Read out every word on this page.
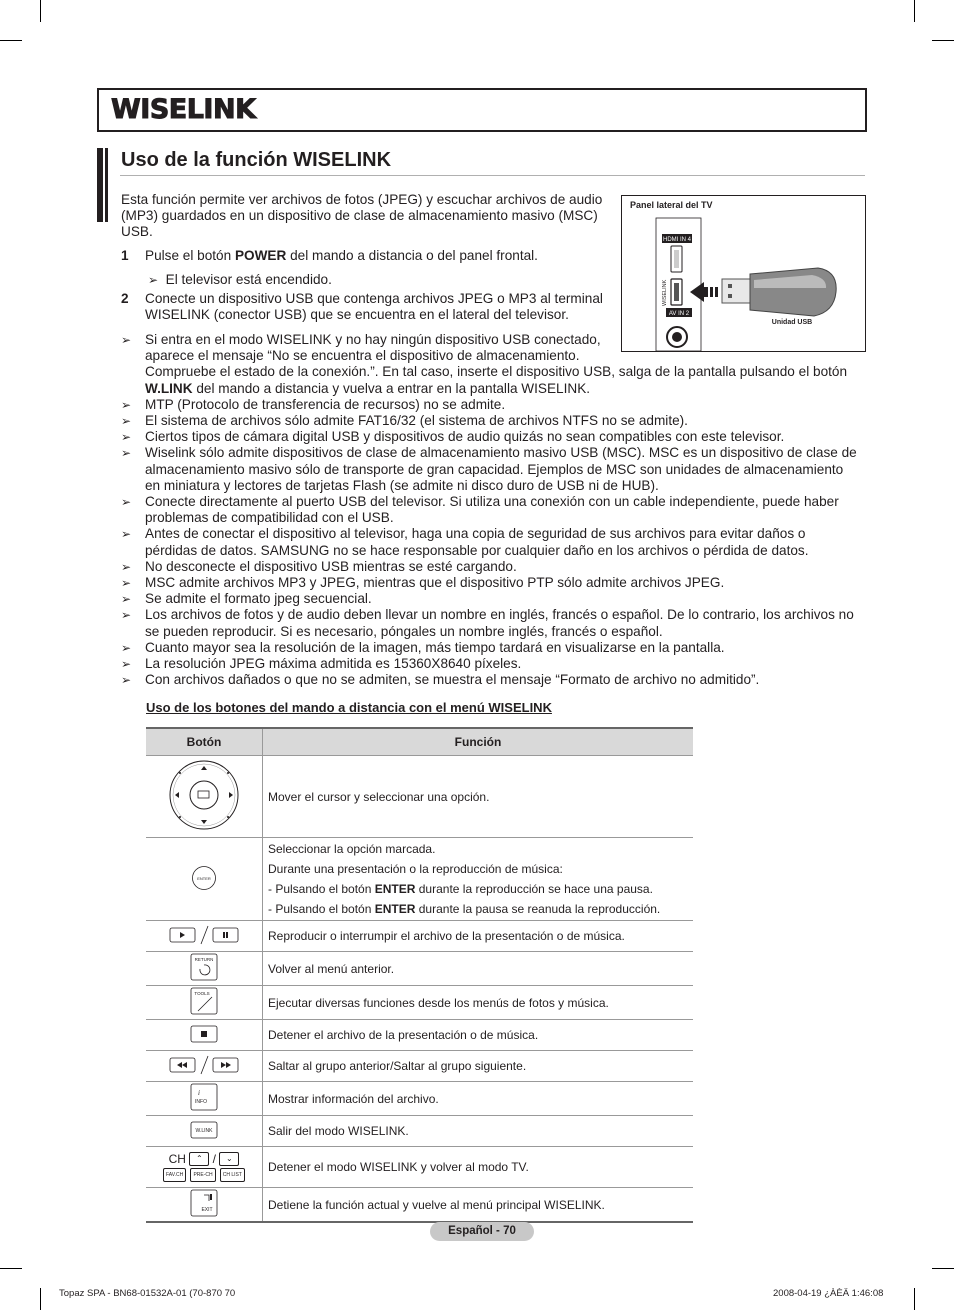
WISELINK
Uso de la función WISELINK
Esta función permite ver archivos de fotos (JPEG) y escuchar archivos de audio
(MP3) guardados en un dispositivo de clase de almacenamiento masivo (MSC)
USB.
1 Pulse el botón POWER del mando a distancia o del panel frontal.
➢ El televisor está encendido.
2 Conecte un dispositivo USB que contenga archivos JPEG o MP3 al terminal
WISELINK (conector USB) que se encuentra en el lateral del televisor.
Panel lateral del TV
HDMI IN 4
WISELINK
AV IN 2
Unidad USB
➢ Si entra en el modo WISELINK y no hay ningún dispositivo USB conectado,
aparece el mensaje “No se encuentra el dispositivo de almacenamiento.
Compruebe el estado de la conexión.”. En tal caso, inserte el dispositivo USB, salga de la pantalla pulsando el botón
W.LINK del mando a distancia y vuelva a entrar en la pantalla WISELINK.
➢ MTP (Protocolo de transferencia de recursos) no se admite.
➢ El sistema de archivos sólo admite FAT16/32 (el sistema de archivos NTFS no se admite).
➢ Ciertos tipos de cámara digital USB y dispositivos de audio quizás no sean compatibles con este televisor.
➢ Wiselink sólo admite dispositivos de clase de almacenamiento masivo USB (MSC). MSC es un dispositivo de clase de
almacenamiento masivo sólo de transporte de gran capacidad. Ejemplos de MSC son unidades de almacenamiento
en miniatura y lectores de tarjetas Flash (se admite ni disco duro de USB ni de HUB).
➢ Conecte directamente al puerto USB del televisor. Si utiliza una conexión con un cable independiente, puede haber
problemas de compatibilidad con el USB.
➢ Antes de conectar el dispositivo al televisor, haga una copia de seguridad de sus archivos para evitar daños o
pérdidas de datos. SAMSUNG no se hace responsable por cualquier daño en los archivos o pérdida de datos.
➢ No desconecte el dispositivo USB mientras se esté cargando.
➢ MSC admite archivos MP3 y JPEG, mientras que el dispositivo PTP sólo admite archivos JPEG.
➢ Se admite el formato jpeg secuencial.
➢ Los archivos de fotos y de audio deben llevar un nombre en inglés, francés o español. De lo contrario, los archivos no
se pueden reproducir. Si es necesario, póngales un nombre inglés, francés o español.
➢ Cuanto mayor sea la resolución de la imagen, más tiempo tardará en visualizarse en la pantalla.
➢ La resolución JPEG máxima admitida es 15360X8640 píxeles.
➢ Con archivos dañados o que no se admiten, se muestra el mensaje “Formato de archivo no admitido”.
Uso de los botones del mando a distancia con el menú WISELINK
Botón	Función
	Mover el cursor y seleccionar una opción.

ENTER	Seleccionar la opción marcada.
Durante una presentación o la reproducción de música:
- Pulsando el botón ENTER durante la reproducción se hace una pausa.
- Pulsando el botón ENTER durante la pausa se reanuda la reproducción.

	Reproducir o interrumpir el archivo de la presentación o de música.

RETURN	Volver al menú anterior.

TOOLS	Ejecutar diversas funciones desde los menús de fotos y música.
	Detener el archivo de la presentación o de música.
	Saltar al grupo anterior/Saltar al grupo siguiente.

i
INFO	Mostrar información del archivo.

W.LINK	Salir del modo WISELINK.

CH ⌃ / ⌄
FAV.CH PRE-CH CH LIST	Detener el modo WISELINK y volver al modo TV.

EXIT	Detiene la función actual y vuelve al menú principal WISELINK.
Español - 70
Topaz SPA - BN68-01532A-01 (70-870 70	2008-04-19 ¿ÀÈÄ 1:46:08
